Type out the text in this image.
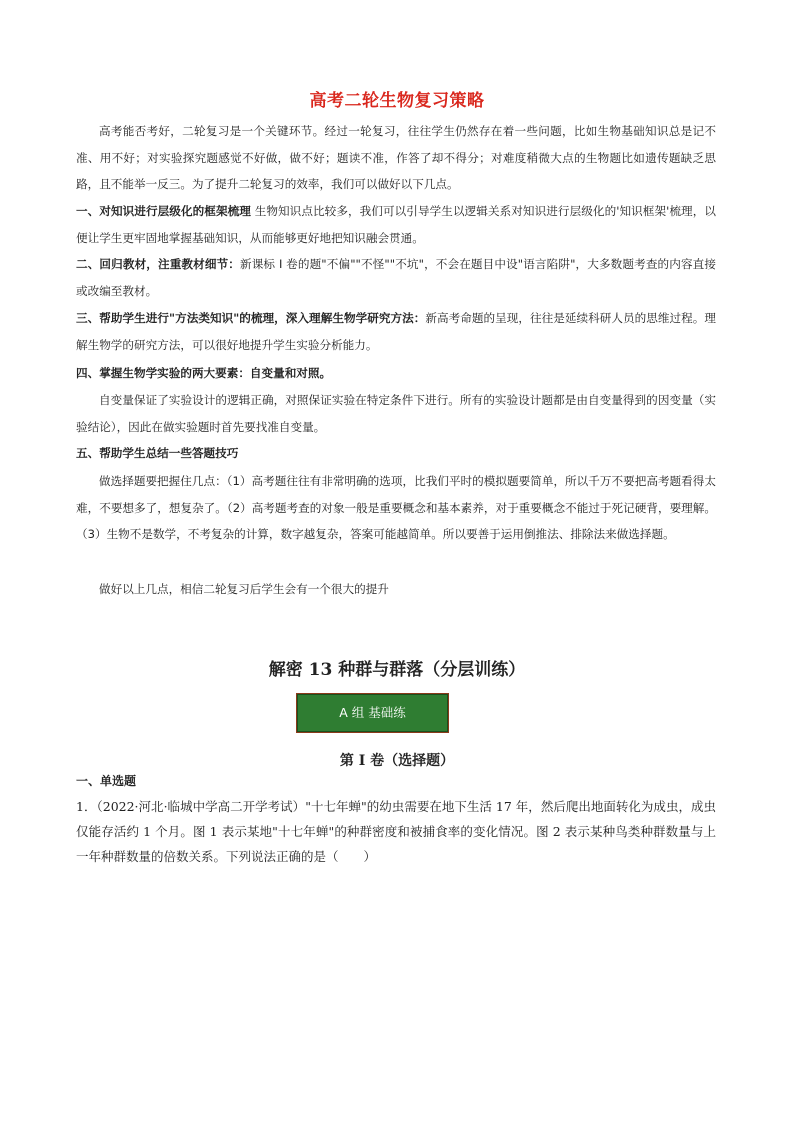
高考二轮生物复习策略
高考能否考好，二轮复习是一个关键环节。经过一轮复习，往往学生仍然存在着一些问题，比如生物基础知识总是记不准、用不好；对实验探究题感觉不好做，做不好；题读不准，作答了却不得分；对难度稍微大点的生物题比如遗传题缺乏思路，且不能举一反三。为了提升二轮复习的效率，我们可以做好以下几点。
一、对知识进行层级化的框架梳理 生物知识点比较多，我们可以引导学生以逻辑关系对知识进行层级化的'知识框架'梳理，以便让学生更牢固地掌握基础知识，从而能够更好地把知识融会贯通。
二、回归教材，注重教材细节：新课标 I 卷的题"不偏""不怪""不坑"，不会在题目中设"语言陷阱"，大多数题考查的内容直接或改编至教材。
三、帮助学生进行"方法类知识"的梳理，深入理解生物学研究方法：新高考命题的呈现，往往是延续科研人员的思维过程。理解生物学的研究方法，可以很好地提升学生实验分析能力。
四、掌握生物学实验的两大要素：自变量和对照。
自变量保证了实验设计的逻辑正确，对照保证实验在特定条件下进行。所有的实验设计题都是由自变量得到的因变量（实验结论），因此在做实验题时首先要找准自变量。
五、帮助学生总结一些答题技巧
做选择题要把握住几点：（1）高考题往往有非常明确的选项，比我们平时的模拟题要简单，所以千万不要把高考题看得太难，不要想多了，想复杂了。（2）高考题考查的对象一般是重要概念和基本素养，对于重要概念不能过于死记硬背，要理解。（3）生物不是数学，不考复杂的计算，数字越复杂，答案可能越简单。所以要善于运用倒推法、排除法来做选择题。
做好以上几点，相信二轮复习后学生会有一个很大的提升
解密 13 种群与群落（分层训练）
A 组 基础练
第 I 卷（选择题）
一、单选题
1．（2022·河北·临城中学高二开学考试）"十七年蝉"的幼虫需要在地下生活 17 年，然后爬出地面转化为成虫，成虫仅能存活约 1 个月。图 1 表示某地"十七年蝉"的种群密度和被捕食率的变化情况。图 2 表示某种鸟类种群数量与上一年种群数量的倍数关系。下列说法正确的是（　　）
